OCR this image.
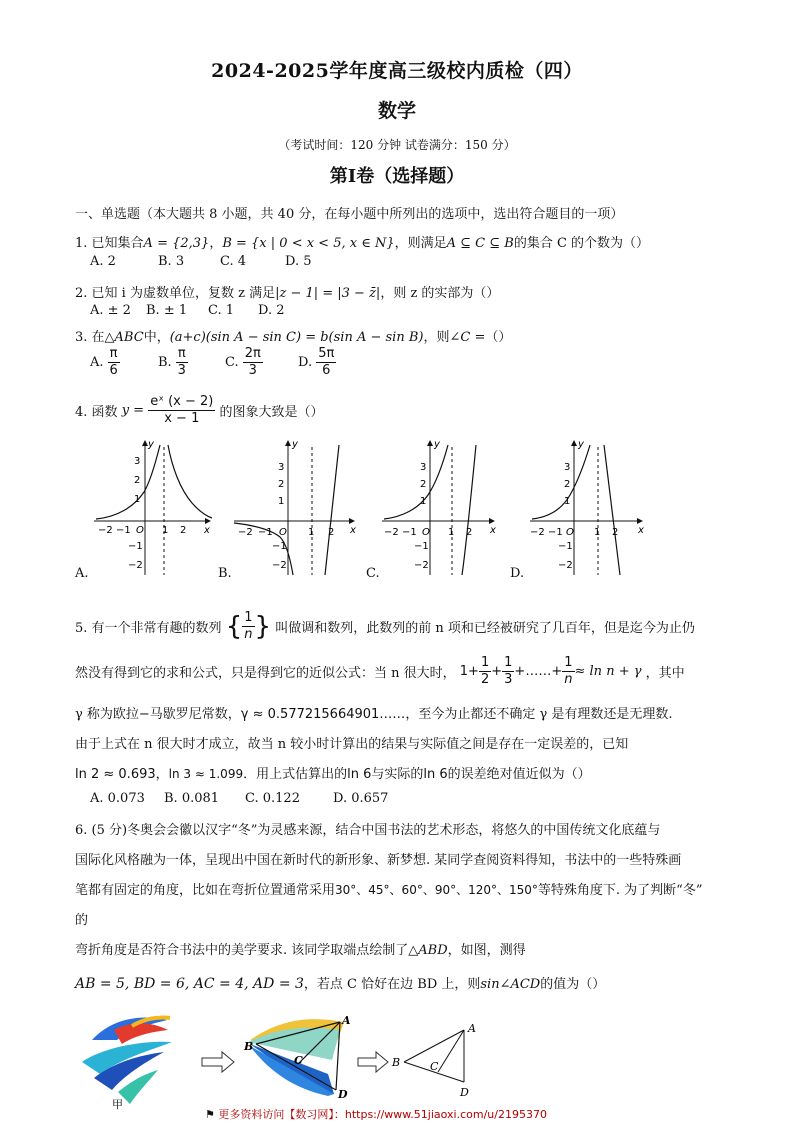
2024-2025学年度高三级校内质检（四）
数学
（考试时间：120 分钟 试卷满分：150 分）
第Ⅰ卷（选择题）
一、单选题（本大题共 8 小题，共 40 分，在每小题中所列出的选项中，选出符合题目的一项）
1. 已知集合A = {2,3}，B = {x | 0 < x < 5, x ∈ N}，则满足A ⊆ C ⊆ B的集合 C 的个数为（）
A. 2	B. 3	C. 4	D. 5
2. 已知 i 为虚数单位，复数 z 满足|z − 1| = |3 − z̄|，则 z 的实部为（）
A. ± 2 B. ± 1 C. 1 D. 2
3. 在△ABC中，(a+c)(sin A − sin C) = b(sin A − sin B)，则∠C =（）
A. $\frac{\pi}{6}$	B. $\frac{\pi}{3}$	C. $\frac{2\pi}{3}$	D. $\frac{5\pi}{6}$
4. 函数 $y = \frac{\text{eˣ (x − 2)}}{x - 1}$ 的图象大致是（）
y
x
3
2
1
−1
−2
−2 −1 O 1 2
A.
y
x
3
2
1
−1
−2
−2 −1 O 1 2
B.
y
x
3
2
1
−1
−2
−2 −1 O 1 2
C.
y
x
3
2
1
−1
−2
−2 −1 O 1 2
D.
5. 有一个非常有趣的数列 { $\frac{1}{n}$ } 叫做调和数列，此数列的前 n 项和已经被研究了几百年，但是迄今为止仍
然没有得到它的求和公式，只是得到它的近似公式：当 n 很大时， $1+ \frac{1}{2} + \frac{1}{3}$ +……+ $\frac{1}{n} \approx \ln n + \gamma$ ，其中
γ 称为欧拉−马歇罗尼常数，γ ≈ 0.577215664901……，至今为止都还不确定 γ 是有理数还是无理数.
由于上式在 n 很大时才成立，故当 n 较小时计算出的结果与实际值之间是存在一定误差的，已知
ln 2 ≈ 0.693，ln 3 ≈ 1.099．用上式估算出的ln 6与实际的ln 6的误差绝对值近似为（）
A. 0.073 B. 0.081 C. 0.122	D. 0.657
6. (5 分)冬奥会会徽以汉字“冬”为灵感来源，结合中国书法的艺术形态，将悠久的中国传统文化底蕴与
国际化风格融为一体，呈现出中国在新时代的新形象、新梦想. 某同学查阅资料得知，书法中的一些特殊画
笔都有固定的角度，比如在弯折位置通常采用30°、45°、60°、90°、120°、150°等特殊角度下. 为了判断“冬”
的
弯折角度是否符合书法中的美学要求. 该同学取端点绘制了△ABD，如图，测得
AB = 5, BD = 6, AC = 4, AD = 3，若点 C 恰好在边 BD 上，则sin∠ACD的值为（）
甲
A
B
C
D
A
B	C
D
⚑ 更多资料访问【数习网】：https://www.51jiaoxi.com/u/2195370
